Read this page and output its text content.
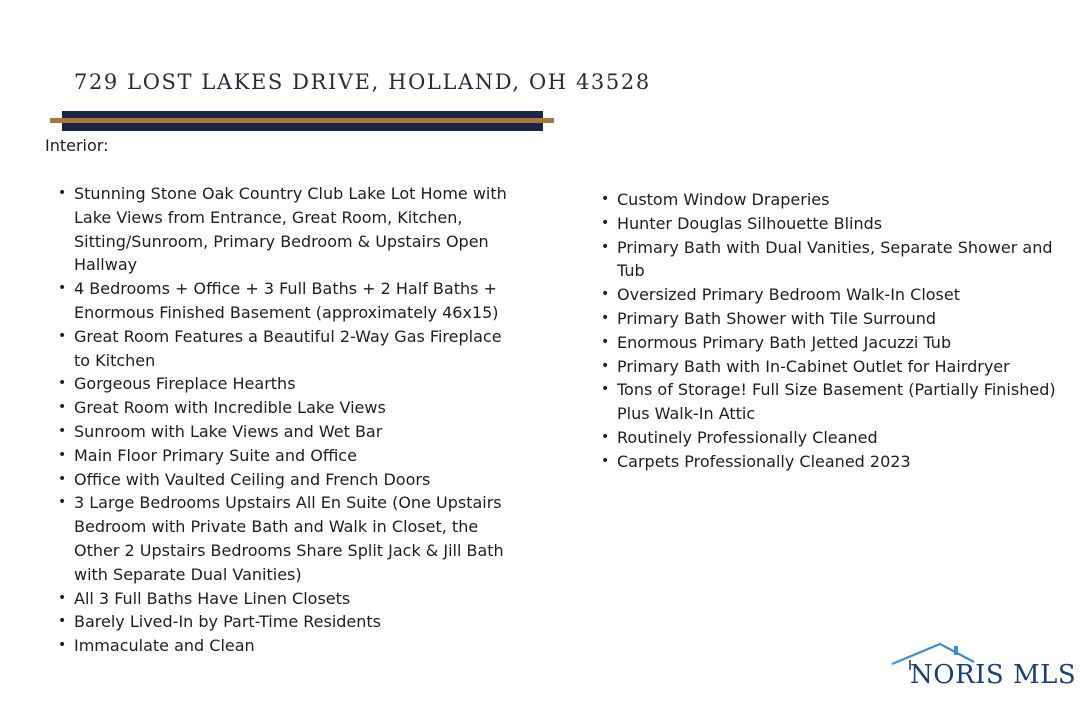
729 LOST LAKES DRIVE, HOLLAND, OH 43528
Interior:
• Stunning Stone Oak Country Club Lake Lot Home with Lake Views from Entrance, Great Room, Kitchen, Sitting/Sunroom, Primary Bedroom & Upstairs Open Hallway
• 4 Bedrooms + Office + 3 Full Baths + 2 Half Baths + Enormous Finished Basement (approximately 46x15)
• Great Room Features a Beautiful 2-Way Gas Fireplace to Kitchen
• Gorgeous Fireplace Hearths
• Great Room with Incredible Lake Views
• Sunroom with Lake Views and Wet Bar
• Main Floor Primary Suite and Office
• Office with Vaulted Ceiling and French Doors
• 3 Large Bedrooms Upstairs All En Suite (One Upstairs Bedroom with Private Bath and Walk in Closet, the Other 2 Upstairs Bedrooms Share Split Jack & Jill Bath with Separate Dual Vanities)
• All 3 Full Baths Have Linen Closets
• Barely Lived-In by Part-Time Residents
• Immaculate and Clean
• Custom Window Draperies
• Hunter Douglas Silhouette Blinds
• Primary Bath with Dual Vanities, Separate Shower and Tub
• Oversized Primary Bedroom Walk-In Closet
• Primary Bath Shower with Tile Surround
• Enormous Primary Bath Jetted Jacuzzi Tub
• Primary Bath with In-Cabinet Outlet for Hairdryer
• Tons of Storage! Full Size Basement (Partially Finished) Plus Walk-In Attic
• Routinely Professionally Cleaned
• Carpets Professionally Cleaned 2023
NORIS MLS
